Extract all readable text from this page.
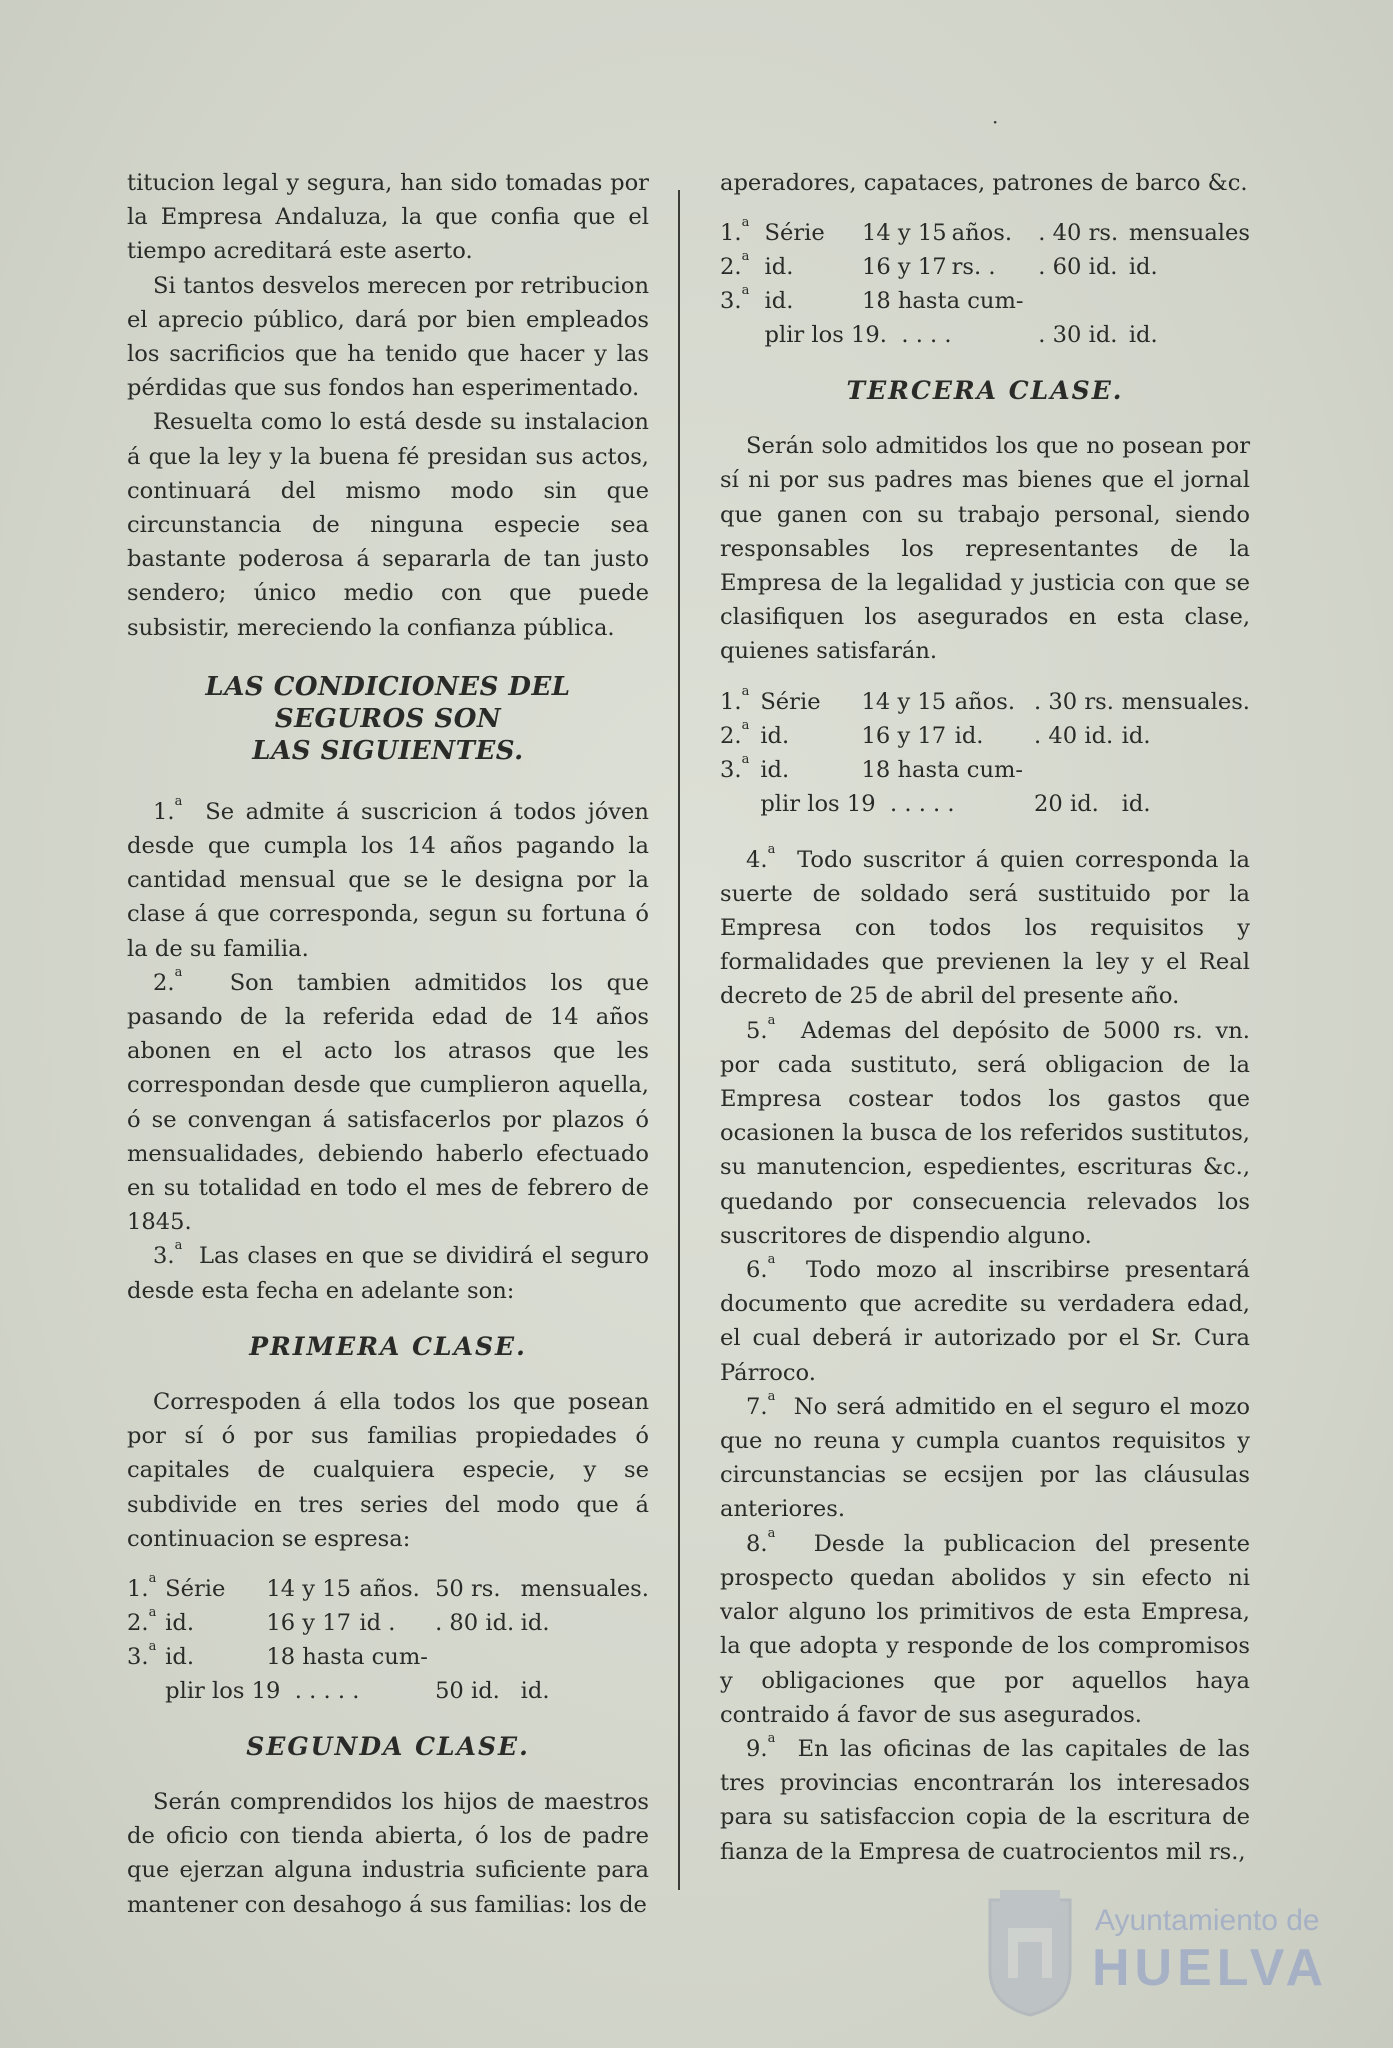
·

titucion legal y segura, han sido tomadas por la Empresa Andaluza, la que confia que el tiempo acreditará este aserto.

Si tantos desvelos merecen por retribucion el aprecio público, dará por bien empleados los sacrificios que ha tenido que hacer y las pérdidas que sus fondos han esperimentado.

Resuelta como lo está desde su instalacion á que la ley y la buena fé presidan sus actos, continuará del mismo modo sin que circunstancia de ninguna especie sea bastante poderosa á separarla de tan justo sendero; único medio con que puede subsistir, mereciendo la confianza pública.

LAS CONDICIONES DEL SEGUROS SON
LAS SIGUIENTES.

1.$^a$ Se admite á suscricion á todos jóven desde que cumpla los 14 años pagando la cantidad mensual que se le designa por la clase á que corresponda, segun su fortuna ó la de su familia.

2.$^a$ Son tambien admitidos los que pasando de la referida edad de 14 años abonen en el acto los atrasos que les correspondan desde que cumplieron aquella, ó se convengan á satisfacerlos por plazos ó mensualidades, debiendo haberlo efectuado en su totalidad en todo el mes de febrero de 1845.

3.$^a$ Las clases en que se dividirá el seguro desde esta fecha en adelante son:

PRIMERA CLASE.

Correspoden á ella todos los que posean por sí ó por sus familias propiedades ó capitales de cualquiera especie, y se subdivide en tres series del modo que á continuacion se espresa:

1.$^a$	Série	14 y 15	años.	50 rs.	mensuales.
2.$^a$	id.	16 y 17	id .	. 80 id.	id.
3.$^a$	id.	18 hasta cum-			
	plir los 19 . . . . .			50 id.	id.
SEGUNDA CLASE.

Serán comprendidos los hijos de maestros de oficio con tienda abierta, ó los de padre que ejerzan alguna industria suficiente para mantener con desahogo á sus familias: los de

aperadores, capataces, patrones de barco &c.

1.$^a$	Série	14 y 15	años.	. 40 rs.	mensuales
2.$^a$	id.	16 y 17	rs. .	. 60 id.	id.
3.$^a$	id.	18 hasta cum-			
	plir los 19. . . . .			. 30 id.	id.
TERCERA CLASE.

Serán solo admitidos los que no posean por sí ni por sus padres mas bienes que el jornal que ganen con su trabajo personal, siendo responsables los representantes de la Empresa de la legalidad y justicia con que se clasifiquen los asegurados en esta clase, quienes satisfarán.

1.$^a$	Série	14 y 15	años.	. 30 rs.	mensuales.
2.$^a$	id.	16 y 17	id.	. 40 id.	id.
3.$^a$	id.	18 hasta cum-			
	plir los 19 . . . . .			20 id.	id.

4.$^a$ Todo suscritor á quien corresponda la suerte de soldado será sustituido por la Empresa con todos los requisitos y formalidades que previenen la ley y el Real decreto de 25 de abril del presente año.

5.$^a$ Ademas del depósito de 5000 rs. vn. por cada sustituto, será obligacion de la Empresa costear todos los gastos que ocasionen la busca de los referidos sustitutos, su manutencion, espedientes, escrituras &c., quedando por consecuencia relevados los suscritores de dispendio alguno.

6.$^a$ Todo mozo al inscribirse presentará documento que acredite su verdadera edad, el cual deberá ir autorizado por el Sr. Cura Párroco.

7.$^a$ No será admitido en el seguro el mozo que no reuna y cumpla cuantos requisitos y circunstancias se ecsijen por las cláusulas anteriores.

8.$^a$ Desde la publicacion del presente prospecto quedan abolidos y sin efecto ni valor alguno los primitivos de esta Empresa, la que adopta y responde de los compromisos y obligaciones que por aquellos haya contraido á favor de sus asegurados.

9.$^a$ En las oficinas de las capitales de las tres provincias encontrarán los interesados para su satisfaccion copia de la escritura de fianza de la Empresa de cuatrocientos mil rs.,

Ayuntamiento de
HUELVA
